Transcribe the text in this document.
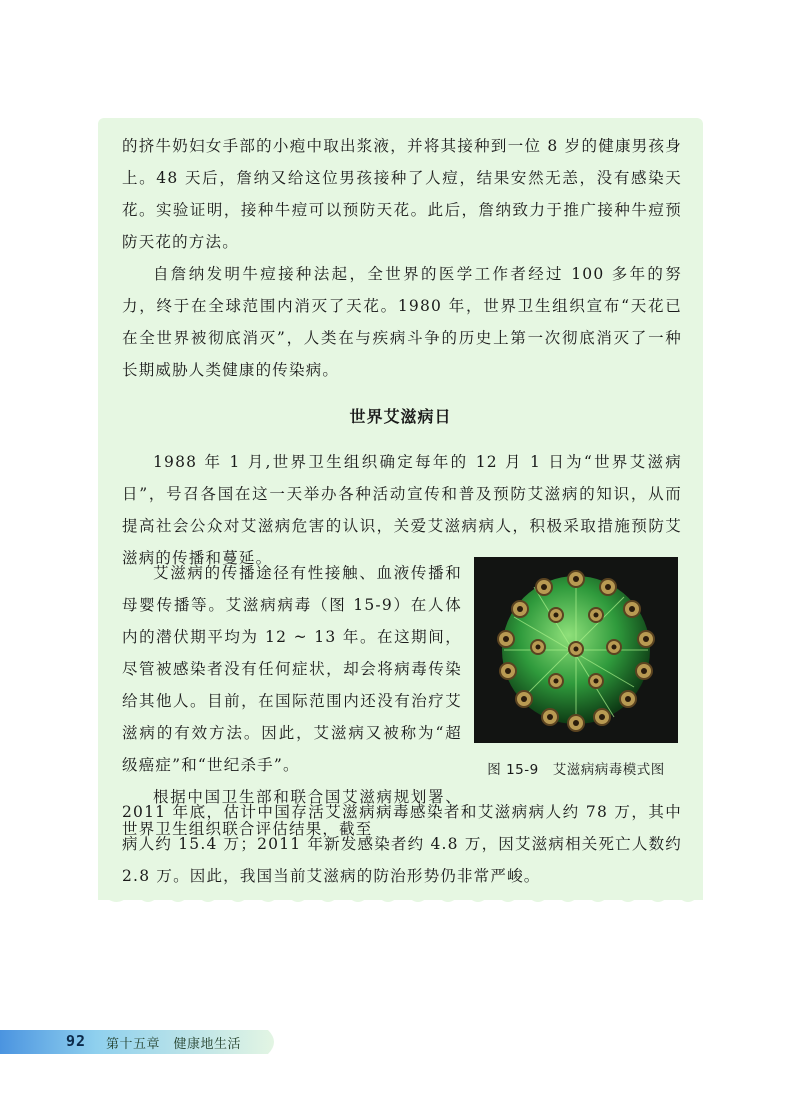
的挤牛奶妇女手部的小疱中取出浆液，并将其接种到一位 8 岁的健康男孩身上。48 天后，詹纳又给这位男孩接种了人痘，结果安然无恙，没有感染天花。实验证明，接种牛痘可以预防天花。此后，詹纳致力于推广接种牛痘预防天花的方法。

自詹纳发明牛痘接种法起，全世界的医学工作者经过 100 多年的努力，终于在全球范围内消灭了天花。1980 年，世界卫生组织宣布“天花已在全世界被彻底消灭”，人类在与疾病斗争的历史上第一次彻底消灭了一种长期威胁人类健康的传染病。

世界艾滋病日

1988 年 1 月,世界卫生组织确定每年的 12 月 1 日为“世界艾滋病日”，号召各国在这一天举办各种活动宣传和普及预防艾滋病的知识，从而提高社会公众对艾滋病危害的认识，关爱艾滋病病人，积极采取措施预防艾滋病的传播和蔓延。

艾滋病的传播途径有性接触、血液传播和母婴传播等。艾滋病病毒（图 15-9）在人体内的潜伏期平均为 12 ~ 13 年。在这期间，尽管被感染者没有任何症状，却会将病毒传染给其他人。目前，在国际范围内还没有治疗艾滋病的有效方法。因此，艾滋病又被称为“超级癌症”和“世纪杀手”。

根据中国卫生部和联合国艾滋病规划署、世界卫生组织联合评估结果，截至

图 15-9　艾滋病病毒模式图

2011 年底，估计中国存活艾滋病病毒感染者和艾滋病病人约 78 万，其中病人约 15.4 万；2011 年新发感染者约 4.8 万，因艾滋病相关死亡人数约 2.8 万。因此，我国当前艾滋病的防治形势仍非常严峻。

92 第十五章　健康地生活
